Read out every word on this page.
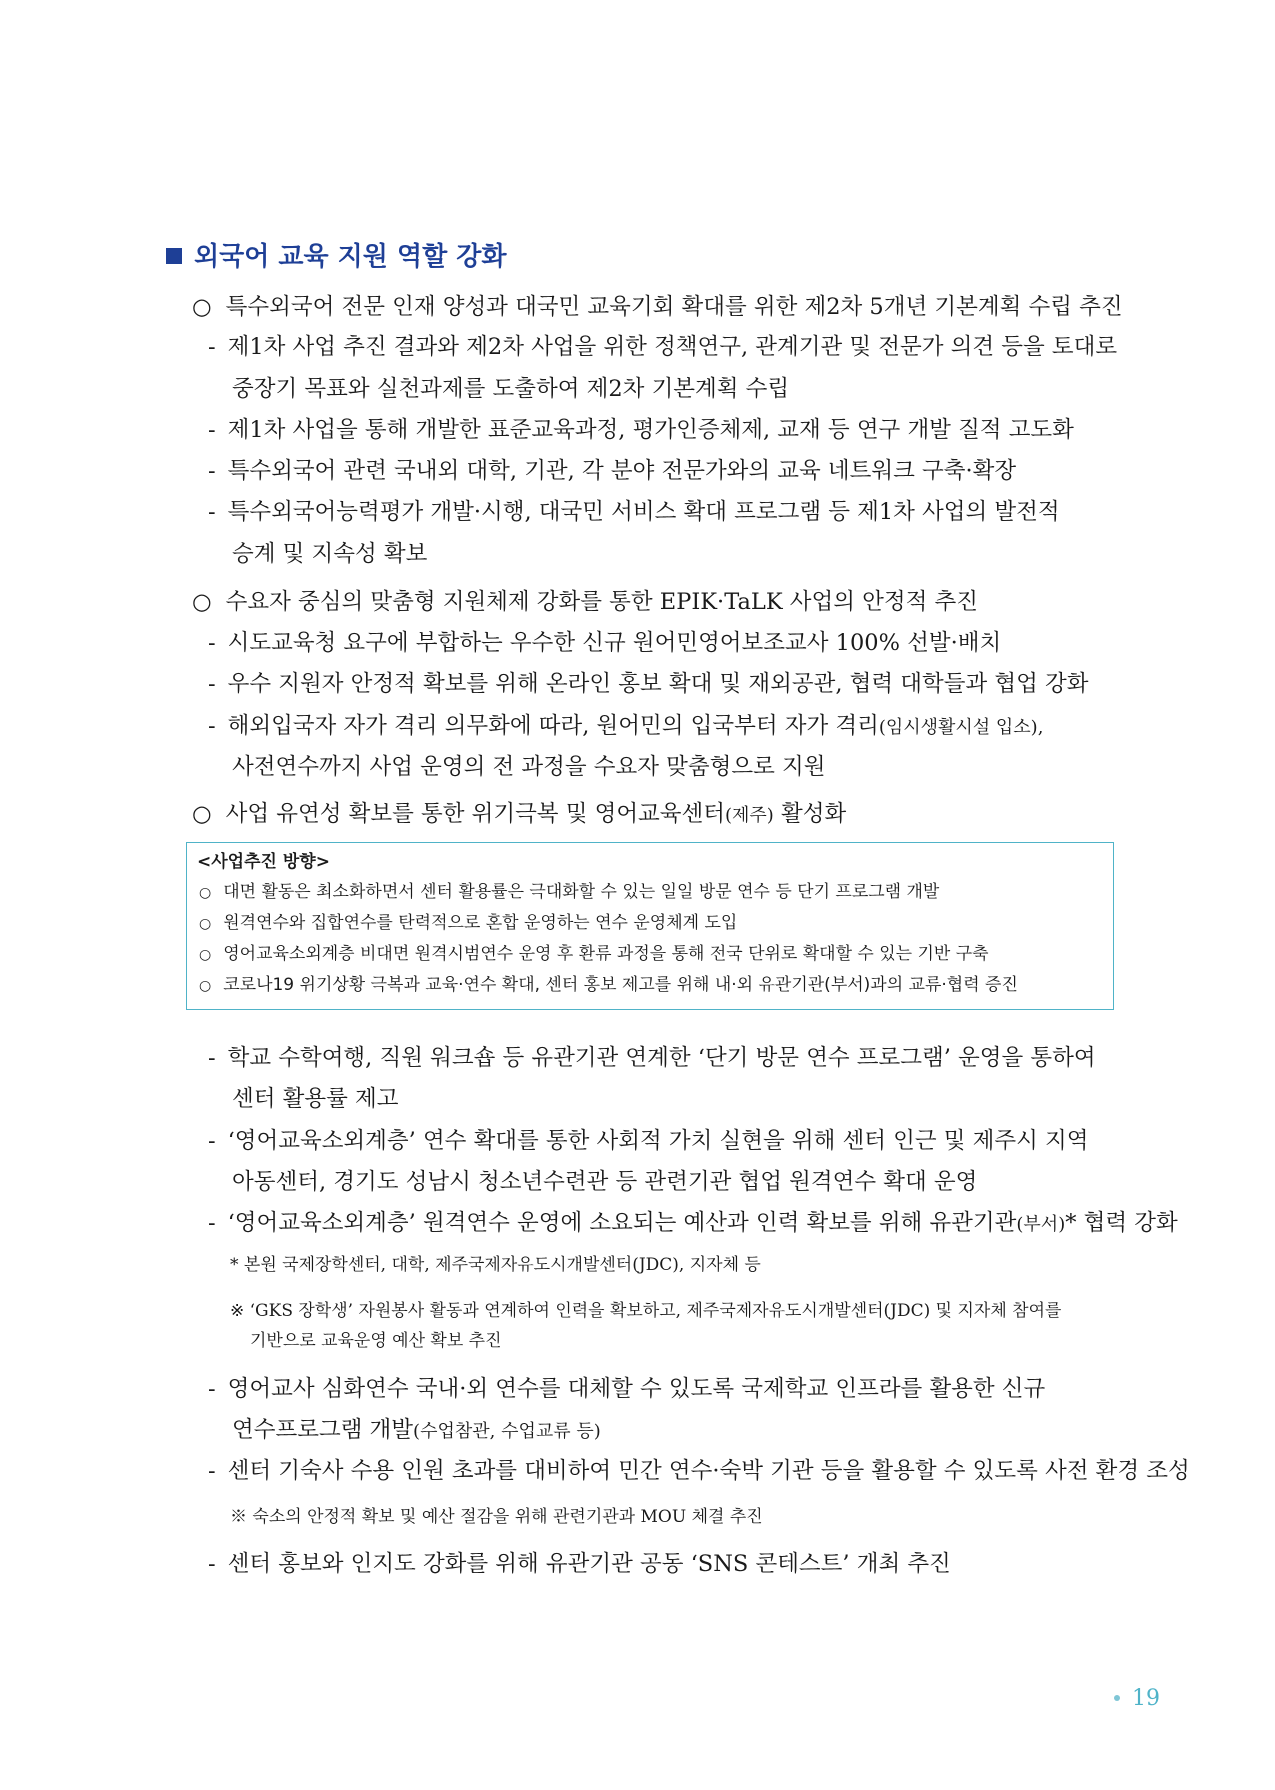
외국어 교육 지원 역할 강화
○ 특수외국어 전문 인재 양성과 대국민 교육기회 확대를 위한 제2차 5개년 기본계획 수립 추진
- 제1차 사업 추진 결과와 제2차 사업을 위한 정책연구, 관계기관 및 전문가 의견 등을 토대로
중장기 목표와 실천과제를 도출하여 제2차 기본계획 수립
- 제1차 사업을 통해 개발한 표준교육과정, 평가인증체제, 교재 등 연구 개발 질적 고도화
- 특수외국어 관련 국내외 대학, 기관, 각 분야 전문가와의 교육 네트워크 구축·확장
- 특수외국어능력평가 개발·시행, 대국민 서비스 확대 프로그램 등 제1차 사업의 발전적
승계 및 지속성 확보
○ 수요자 중심의 맞춤형 지원체제 강화를 통한 EPIK·TaLK 사업의 안정적 추진
- 시도교육청 요구에 부합하는 우수한 신규 원어민영어보조교사 100% 선발·배치
- 우수 지원자 안정적 확보를 위해 온라인 홍보 확대 및 재외공관, 협력 대학들과 협업 강화
- 해외입국자 자가 격리 의무화에 따라, 원어민의 입국부터 자가 격리(임시생활시설 입소),
사전연수까지 사업 운영의 전 과정을 수요자 맞춤형으로 지원
○ 사업 유연성 확보를 통한 위기극복 및 영어교육센터(제주) 활성화
<사업추진 방향>
○ 대면 활동은 최소화하면서 센터 활용률은 극대화할 수 있는 일일 방문 연수 등 단기 프로그램 개발
○ 원격연수와 집합연수를 탄력적으로 혼합 운영하는 연수 운영체계 도입
○ 영어교육소외계층 비대면 원격시범연수 운영 후 환류 과정을 통해 전국 단위로 확대할 수 있는 기반 구축
○ 코로나19 위기상황 극복과 교육·연수 확대, 센터 홍보 제고를 위해 내·외 유관기관(부서)과의 교류·협력 증진
- 학교 수학여행, 직원 워크숍 등 유관기관 연계한 ‘단기 방문 연수 프로그램’ 운영을 통하여
센터 활용률 제고
- ‘영어교육소외계층’ 연수 확대를 통한 사회적 가치 실현을 위해 센터 인근 및 제주시 지역
아동센터, 경기도 성남시 청소년수련관 등 관련기관 협업 원격연수 확대 운영
- ‘영어교육소외계층’ 원격연수 운영에 소요되는 예산과 인력 확보를 위해 유관기관(부서)* 협력 강화
* 본원 국제장학센터, 대학, 제주국제자유도시개발센터(JDC), 지자체 등
※ ‘GKS 장학생’ 자원봉사 활동과 연계하여 인력을 확보하고, 제주국제자유도시개발센터(JDC) 및 지자체 참여를
기반으로 교육운영 예산 확보 추진
- 영어교사 심화연수 국내·외 연수를 대체할 수 있도록 국제학교 인프라를 활용한 신규
연수프로그램 개발(수업참관, 수업교류 등)
- 센터 기숙사 수용 인원 초과를 대비하여 민간 연수·숙박 기관 등을 활용할 수 있도록 사전 환경 조성
※ 숙소의 안정적 확보 및 예산 절감을 위해 관련기관과 MOU 체결 추진
- 센터 홍보와 인지도 강화를 위해 유관기관 공동 ‘SNS 콘테스트’ 개최 추진
19
